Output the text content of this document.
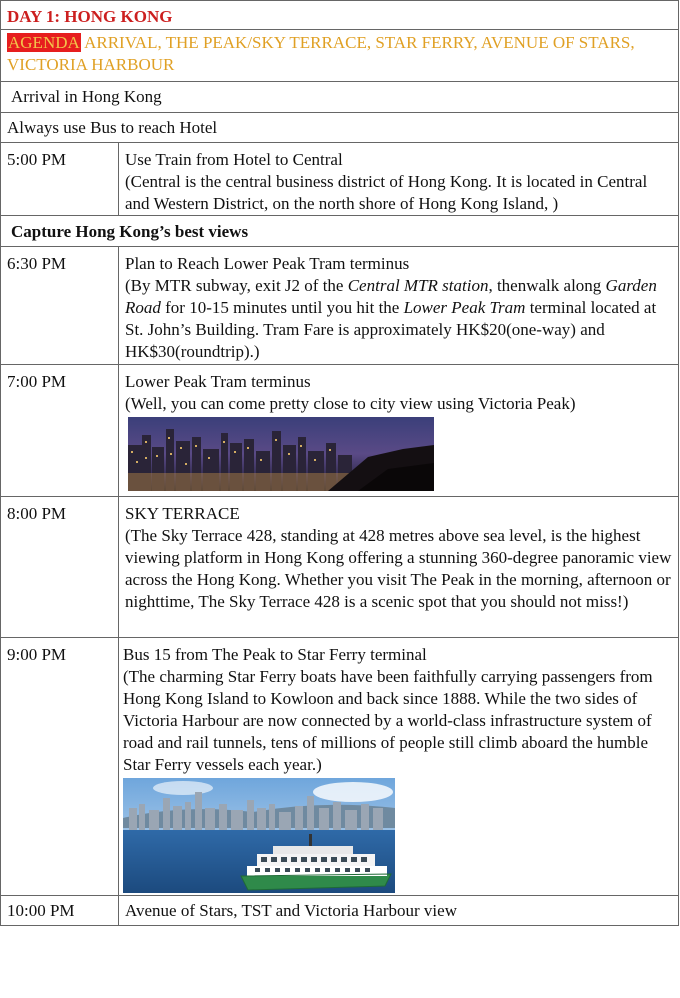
DAY 1: HONG KONG
AGENDA ARRIVAL, THE PEAK/SKY TERRACE, STAR FERRY, AVENUE OF STARS, VICTORIA HARBOUR
Arrival in Hong Kong
Always use Bus to reach Hotel
5:00 PM	Use Train from Hotel to Central
(Central is the central business district of Hong Kong. It is located in Central and Western District, on the north shore of Hong Kong Island, )
Capture Hong Kong’s best views
6:30 PM	Plan to Reach Lower Peak Tram terminus
(By MTR subway, exit J2 of the Central MTR station, thenwalk along Garden Road for 10-15 minutes until you hit the Lower Peak Tram terminal located at St. John’s Building. Tram Fare is approximately HK$20(one-way) and HK$30(roundtrip).)
7:00 PM	Lower Peak Tram terminus
(Well, you can come pretty close to city view using Victoria Peak)
8:00 PM	SKY TERRACE
(The Sky Terrace 428, standing at 428 metres above sea level, is the highest viewing platform in Hong Kong offering a stunning 360-degree panoramic view across the Hong Kong. Whether you visit The Peak in the morning, afternoon or nighttime, The Sky Terrace 428 is a scenic spot that you should not miss!)
9:00 PM	Bus 15 from The Peak to Star Ferry terminal
(The charming Star Ferry boats have been faithfully carrying passengers from Hong Kong Island to Kowloon and back since 1888. While the two sides of Victoria Harbour are now connected by a world-class infrastructure system of road and rail tunnels, tens of millions of people still climb aboard the humble Star Ferry vessels each year.)
10:00 PM	Avenue of Stars, TST and Victoria Harbour view
